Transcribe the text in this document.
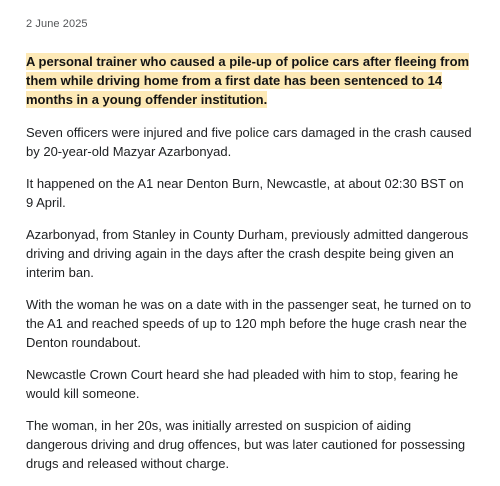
2 June 2025

A personal trainer who caused a pile-up of police cars after fleeing from them while driving home from a first date has been sentenced to 14 months in a young offender institution.

Seven officers were injured and five police cars damaged in the crash caused by 20-year-old Mazyar Azarbonyad.

It happened on the A1 near Denton Burn, Newcastle, at about 02:30 BST on 9 April.

Azarbonyad, from Stanley in County Durham, previously admitted dangerous driving and driving again in the days after the crash despite being given an interim ban.

With the woman he was on a date with in the passenger seat, he turned on to the A1 and reached speeds of up to 120 mph before the huge crash near the Denton roundabout.

Newcastle Crown Court heard she had pleaded with him to stop, fearing he would kill someone.

The woman, in her 20s, was initially arrested on suspicion of aiding dangerous driving and drug offences, but was later cautioned for possessing drugs and released without charge.
